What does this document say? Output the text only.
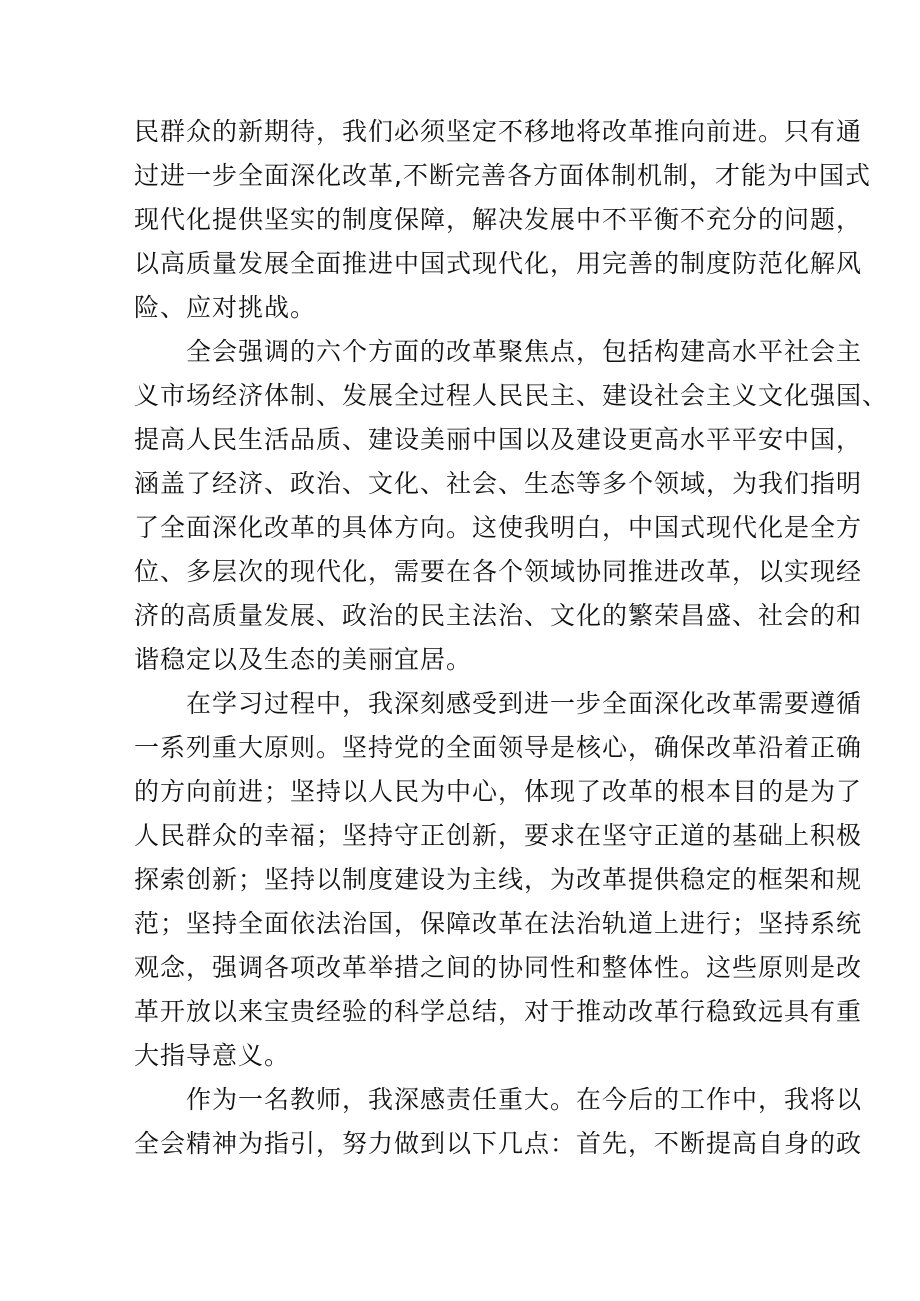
民群众的新期待，我们必须坚定不移地将改革推向前进。只有通
过进一步全面深化改革,不断完善各方面体制机制，才能为中国式
现代化提供坚实的制度保障，解决发展中不平衡不充分的问题，
以高质量发展全面推进中国式现代化，用完善的制度防范化解风
险、应对挑战。
全会强调的六个方面的改革聚焦点，包括构建高水平社会主
义市场经济体制、发展全过程人民民主、建设社会主义文化强国、
提高人民生活品质、建设美丽中国以及建设更高水平平安中国，
涵盖了经济、政治、文化、社会、生态等多个领域，为我们指明
了全面深化改革的具体方向。这使我明白，中国式现代化是全方
位、多层次的现代化，需要在各个领域协同推进改革，以实现经
济的高质量发展、政治的民主法治、文化的繁荣昌盛、社会的和
谐稳定以及生态的美丽宜居。
在学习过程中，我深刻感受到进一步全面深化改革需要遵循
一系列重大原则。坚持党的全面领导是核心，确保改革沿着正确
的方向前进；坚持以人民为中心，体现了改革的根本目的是为了
人民群众的幸福；坚持守正创新，要求在坚守正道的基础上积极
探索创新；坚持以制度建设为主线，为改革提供稳定的框架和规
范；坚持全面依法治国，保障改革在法治轨道上进行；坚持系统
观念，强调各项改革举措之间的协同性和整体性。这些原则是改
革开放以来宝贵经验的科学总结，对于推动改革行稳致远具有重
大指导意义。
作为一名教师，我深感责任重大。在今后的工作中，我将以
全会精神为指引，努力做到以下几点：首先，不断提高自身的政
